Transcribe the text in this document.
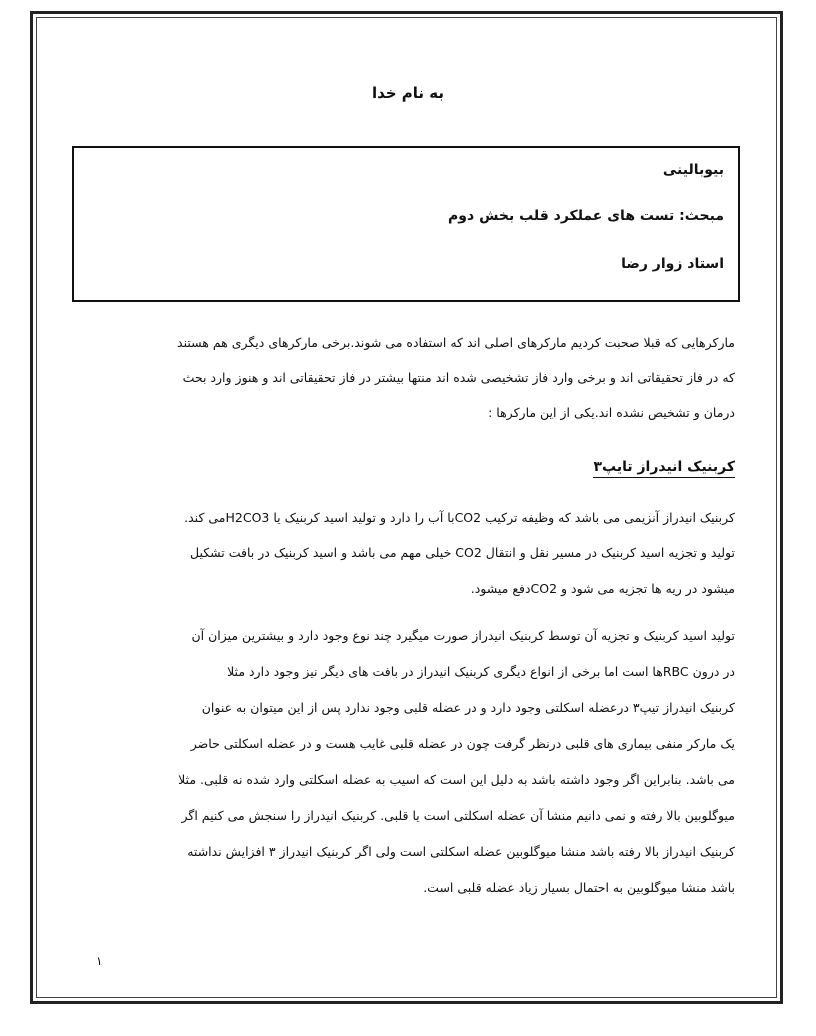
به نام خدا
بیوبالینی
مبحث: تست های عملکرد قلب بخش دوم
استاد زوار رضا
مارکرهایی که قبلا صحبت کردیم مارکرهای اصلی اند که استفاده می شوند.برخی مارکرهای دیگری هم هستند
که در فاز تحقیقاتی اند و برخی وارد فاز تشخیصی شده اند منتها بیشتر در فاز تحقیقاتی اند و هنوز وارد بحث
درمان و تشخیص نشده اند.یکی از این مارکرها :
کربنیک انیدراز تایپ۳
کربنیک انیدراز آنزیمی می باشد که وظیفه ترکیب CO2با آب را دارد و تولید اسید کربنیک یا H2CO3می کند.
تولید و تجزیه اسید کربنیک در مسیر نقل و انتقال CO2 خیلی مهم می باشد و اسید کربنیک در بافت تشکیل
میشود در ریه ها تجزیه می شود و CO2دفع میشود.
تولید اسید کربنیک و تجزیه آن توسط کربنیک انیدراز صورت میگیرد چند نوع وجود دارد و بیشترین میزان آن
در درون RBCها است اما برخی از انواع دیگری کربنیک انیدراز در بافت های دیگر نیز وجود دارد مثلا
کربنیک انیدراز تیپ۳ درعضله اسکلتی وجود دارد و در عضله قلبی وجود ندارد پس از این میتوان به عنوان
یک مارکر منفی بیماری های قلبی درنظر گرفت چون در عضله قلبی غایب هست و در عضله اسکلتی حاضر
می باشد. بنابراین اگر وجود داشته باشد به دلیل این است که اسیب به عضله اسکلتی وارد شده نه قلبی. مثلا
میوگلوبین بالا رفته و نمی دانیم منشا آن عضله اسکلتی است یا قلبی. کربنیک انیدراز را سنجش می کنیم اگر
کربنیک انیدراز بالا رفته باشد منشا میوگلوبین عضله اسکلتی است ولی اگر کربنیک انیدراز ۳ افزایش نداشته
باشد منشا میوگلوبین به احتمال بسیار زیاد عضله قلبی است.
۱
